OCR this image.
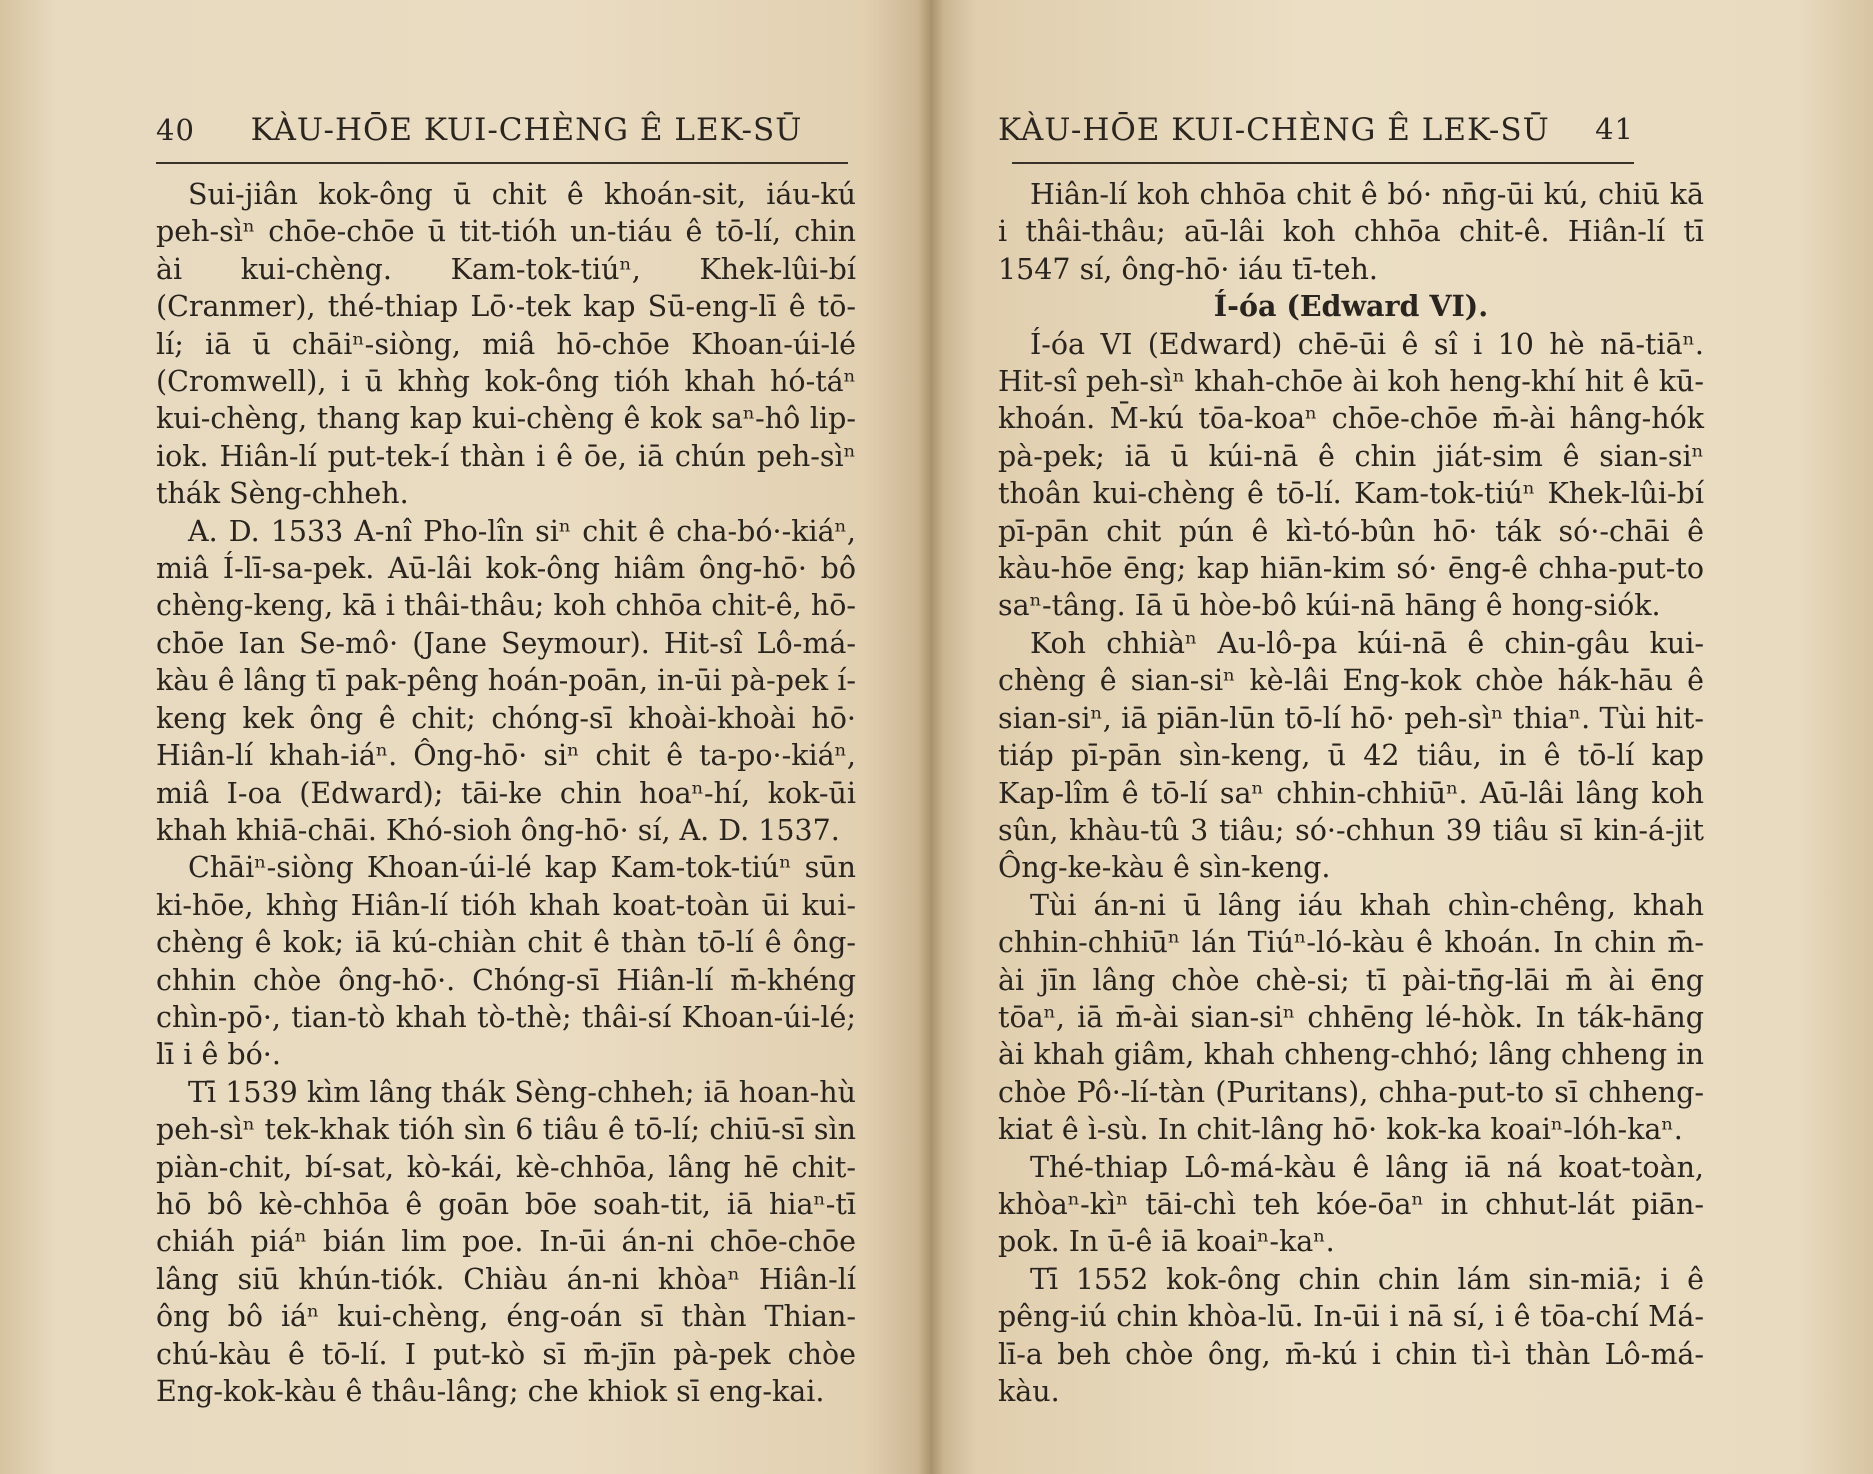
40 KÀU-HŌE KUI-CHÈNG Ê LEK-SŪ

Sui-jiân kok-ông ū chit ê khoán-sit, iáu-kú peh-sìⁿ chōe-chōe ū tit-tióh un-tiáu ê tō-lí, chin ài kui-chèng. Kam-tok-tiúⁿ, Khek-lûi-bí (Cranmer), thé-thiap Lō·-tek kap Sū-eng-lī ê tō-lí; iā ū chāiⁿ-siòng, miâ hō-chōe Khoan-úi-lé (Cromwell), i ū khǹg kok-ông tióh khah hó-táⁿ kui-chèng, thang kap kui-chèng ê kok saⁿ-hô lip-iok. Hiân-lí put-tek-í thàn i ê ōe, iā chún peh-sìⁿ thák Sèng-chheh.

A. D. 1533 A-nî Pho-lîn siⁿ chit ê cha-bó·-kiáⁿ, miâ Í-lī-sa-pek. Aū-lâi kok-ông hiâm ông-hō· bô chèng-keng, kā i thâi-thâu; koh chhōa chit-ê, hō-chōe Ian Se-mô· (Jane Seymour). Hit-sî Lô-má-kàu ê lâng tī pak-pêng hoán-poān, in-ūi pà-pek í-keng kek ông ê chit; chóng-sī khoài-khoài hō· Hiân-lí khah-iáⁿ. Ông-hō· siⁿ chit ê ta-po·-kiáⁿ, miâ I-oa (Edward); tāi-ke chin hoaⁿ-hí, kok-ūi khah khiā-chāi. Khó-sioh ông-hō· sí, A. D. 1537.

Chāiⁿ-siòng Khoan-úi-lé kap Kam-tok-tiúⁿ sūn ki-hōe, khǹg Hiân-lí tióh khah koat-toàn ūi kui-chèng ê kok; iā kú-chiàn chit ê thàn tō-lí ê ông-chhin chòe ông-hō·. Chóng-sī Hiân-lí m̄-khéng chìn-pō·, tian-tò khah tò-thè; thâi-sí Khoan-úi-lé; lī i ê bó·.

Tī 1539 kìm lâng thák Sèng-chheh; iā hoan-hù peh-sìⁿ tek-khak tióh sìn 6 tiâu ê tō-lí; chiū-sī sìn piàn-chit, bí-sat, kò-kái, kè-chhōa, lâng hē chit-hō bô kè-chhōa ê goān bōe soah-tit, iā hiaⁿ-tī chiáh piáⁿ bián lim poe. In-ūi án-ni chōe-chōe lâng siū khún-tiók. Chiàu án-ni khòaⁿ Hiân-lí ông bô iáⁿ kui-chèng, éng-oán sī thàn Thian-chú-kàu ê tō-lí. I put-kò sī m̄-jīn pà-pek chòe Eng-kok-kàu ê thâu-lâng; che khiok sī eng-kai.

KÀU-HŌE KUI-CHÈNG Ê LEK-SŪ 41

Hiân-lí koh chhōa chit ê bó· nn̄g-ūi kú, chiū kā i thâi-thâu; aū-lâi koh chhōa chit-ê. Hiân-lí tī 1547 sí, ông-hō· iáu tī-teh.

Í-óa (Edward VI).

Í-óa VI (Edward) chē-ūi ê sî i 10 hè nā-tiāⁿ. Hit-sî peh-sìⁿ khah-chōe ài koh heng-khí hit ê kū-khoán. M̄-kú tōa-koaⁿ chōe-chōe m̄-ài hâng-hók pà-pek; iā ū kúi-nā ê chin jiát-sim ê sian-siⁿ thoân kui-chèng ê tō-lí. Kam-tok-tiúⁿ Khek-lûi-bí pī-pān chit pún ê kì-tó-bûn hō· ták só·-chāi ê kàu-hōe ēng; kap hiān-kim só· ēng-ê chha-put-to saⁿ-tâng. Iā ū hòe-bô kúi-nā hāng ê hong-siók.

Koh chhiàⁿ Au-lô-pa kúi-nā ê chin-gâu kui-chèng ê sian-siⁿ kè-lâi Eng-kok chòe hák-hāu ê sian-siⁿ, iā piān-lūn tō-lí hō· peh-sìⁿ thiaⁿ. Tùi hit-tiáp pī-pān sìn-keng, ū 42 tiâu, in ê tō-lí kap Kap-lîm ê tō-lí saⁿ chhin-chhiūⁿ. Aū-lâi lâng koh sûn, khàu-tû 3 tiâu; só·-chhun 39 tiâu sī kin-á-jit Ông-ke-kàu ê sìn-keng.

Tùi án-ni ū lâng iáu khah chìn-chêng, khah chhin-chhiūⁿ lán Tiúⁿ-ló-kàu ê khoán. In chin m̄-ài jīn lâng chòe chè-si; tī pài-tn̄g-lāi m̄ ài ēng tōaⁿ, iā m̄-ài sian-siⁿ chhēng lé-hòk. In ták-hāng ài khah giâm, khah chheng-chhó; lâng chheng in chòe Pô·-lí-tàn (Puritans), chha-put-to sī chheng-kiat ê ì-sù. In chit-lâng hō· kok-ka koaiⁿ-lóh-kaⁿ.

Thé-thiap Lô-má-kàu ê lâng iā ná koat-toàn, khòaⁿ-kìⁿ tāi-chì teh kóe-ōaⁿ in chhut-lát piān-pok. In ū-ê iā koaiⁿ-kaⁿ.

Tī 1552 kok-ông chin chin lám sin-miā; i ê pêng-iú chin khòa-lū. In-ūi i nā sí, i ê tōa-chí Má-lī-a beh chòe ông, m̄-kú i chin tì-ì thàn Lô-má-kàu.
